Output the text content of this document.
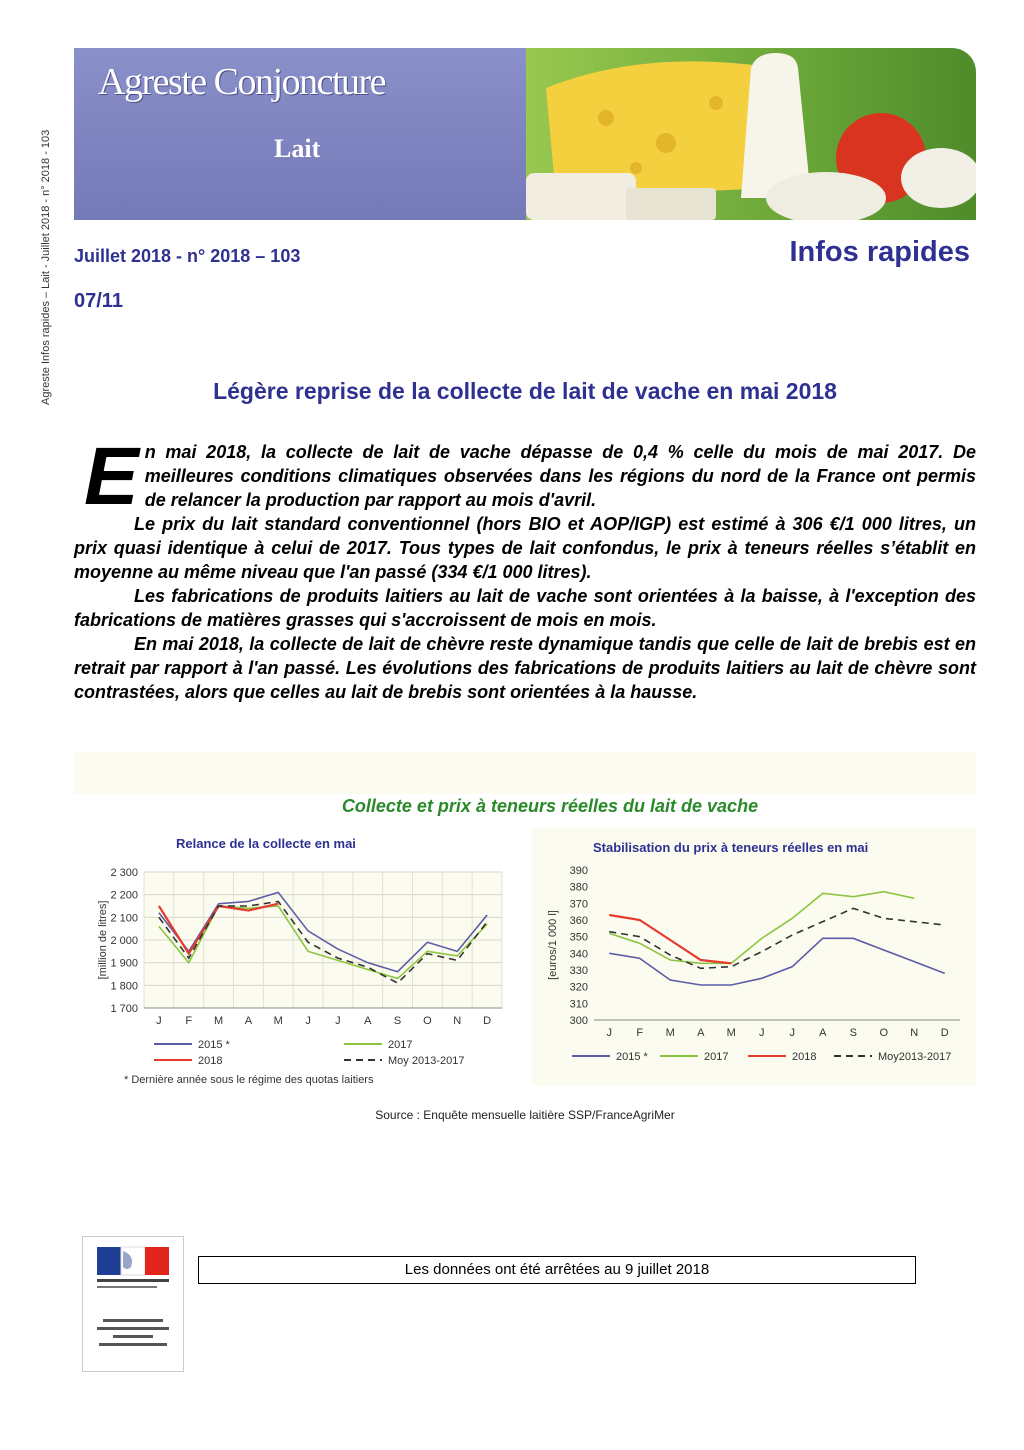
Agreste Infos rapides – Lait - Juillet 2018 - n° 2018 - 103
Agreste Conjoncture
Lait
Juillet 2018 - n° 2018 – 103
07/11
Infos rapides
Légère reprise de la collecte de lait de vache en mai 2018
E n mai 2018, la collecte de lait de vache dépasse de 0,4 % celle du mois de mai 2017. De meilleures conditions climatiques observées dans les régions du nord de la France ont permis de relancer la production par rapport au mois d'avril.

Le prix du lait standard conventionnel (hors BIO et AOP/IGP) est estimé à 306 €/1 000 litres, un prix quasi identique à celui de 2017. Tous types de lait confondus, le prix à teneurs réelles s’établit en moyenne au même niveau que l'an passé (334 €/1 000 litres).

Les fabrications de produits laitiers au lait de vache sont orientées à la baisse, à l'exception des fabrications de matières grasses qui s'accroissent de mois en mois.

En mai 2018, la collecte de lait de chèvre reste dynamique tandis que celle de lait de brebis est en retrait par rapport à l'an passé. Les évolutions des fabrications de produits laitiers au lait de chèvre sont contrastées, alors que celles au lait de brebis sont orientées à la hausse.

Collecte et prix à teneurs réelles du lait de vache
Relance de la collecte en mai	Stabilisation du prix à teneurs réelles en mai
1 700
1 800
1 900
2 000
2 100
2 200
2 300
J F M A M J J A S O N D
[million de litres]
2015 *	2017
2018	Moy 2013-2017
300
310
320
330
340
350
360
370
380
390
J F M A M J J A S O N D
[euros/1 000 l]
2015 *	2017	2018	Moy2013-2017
* Dernière année sous le régime des quotas laitiers
Source : Enquête mensuelle laitière SSP/FranceAgriMer
Les données ont été arrêtées au 9 juillet 2018
